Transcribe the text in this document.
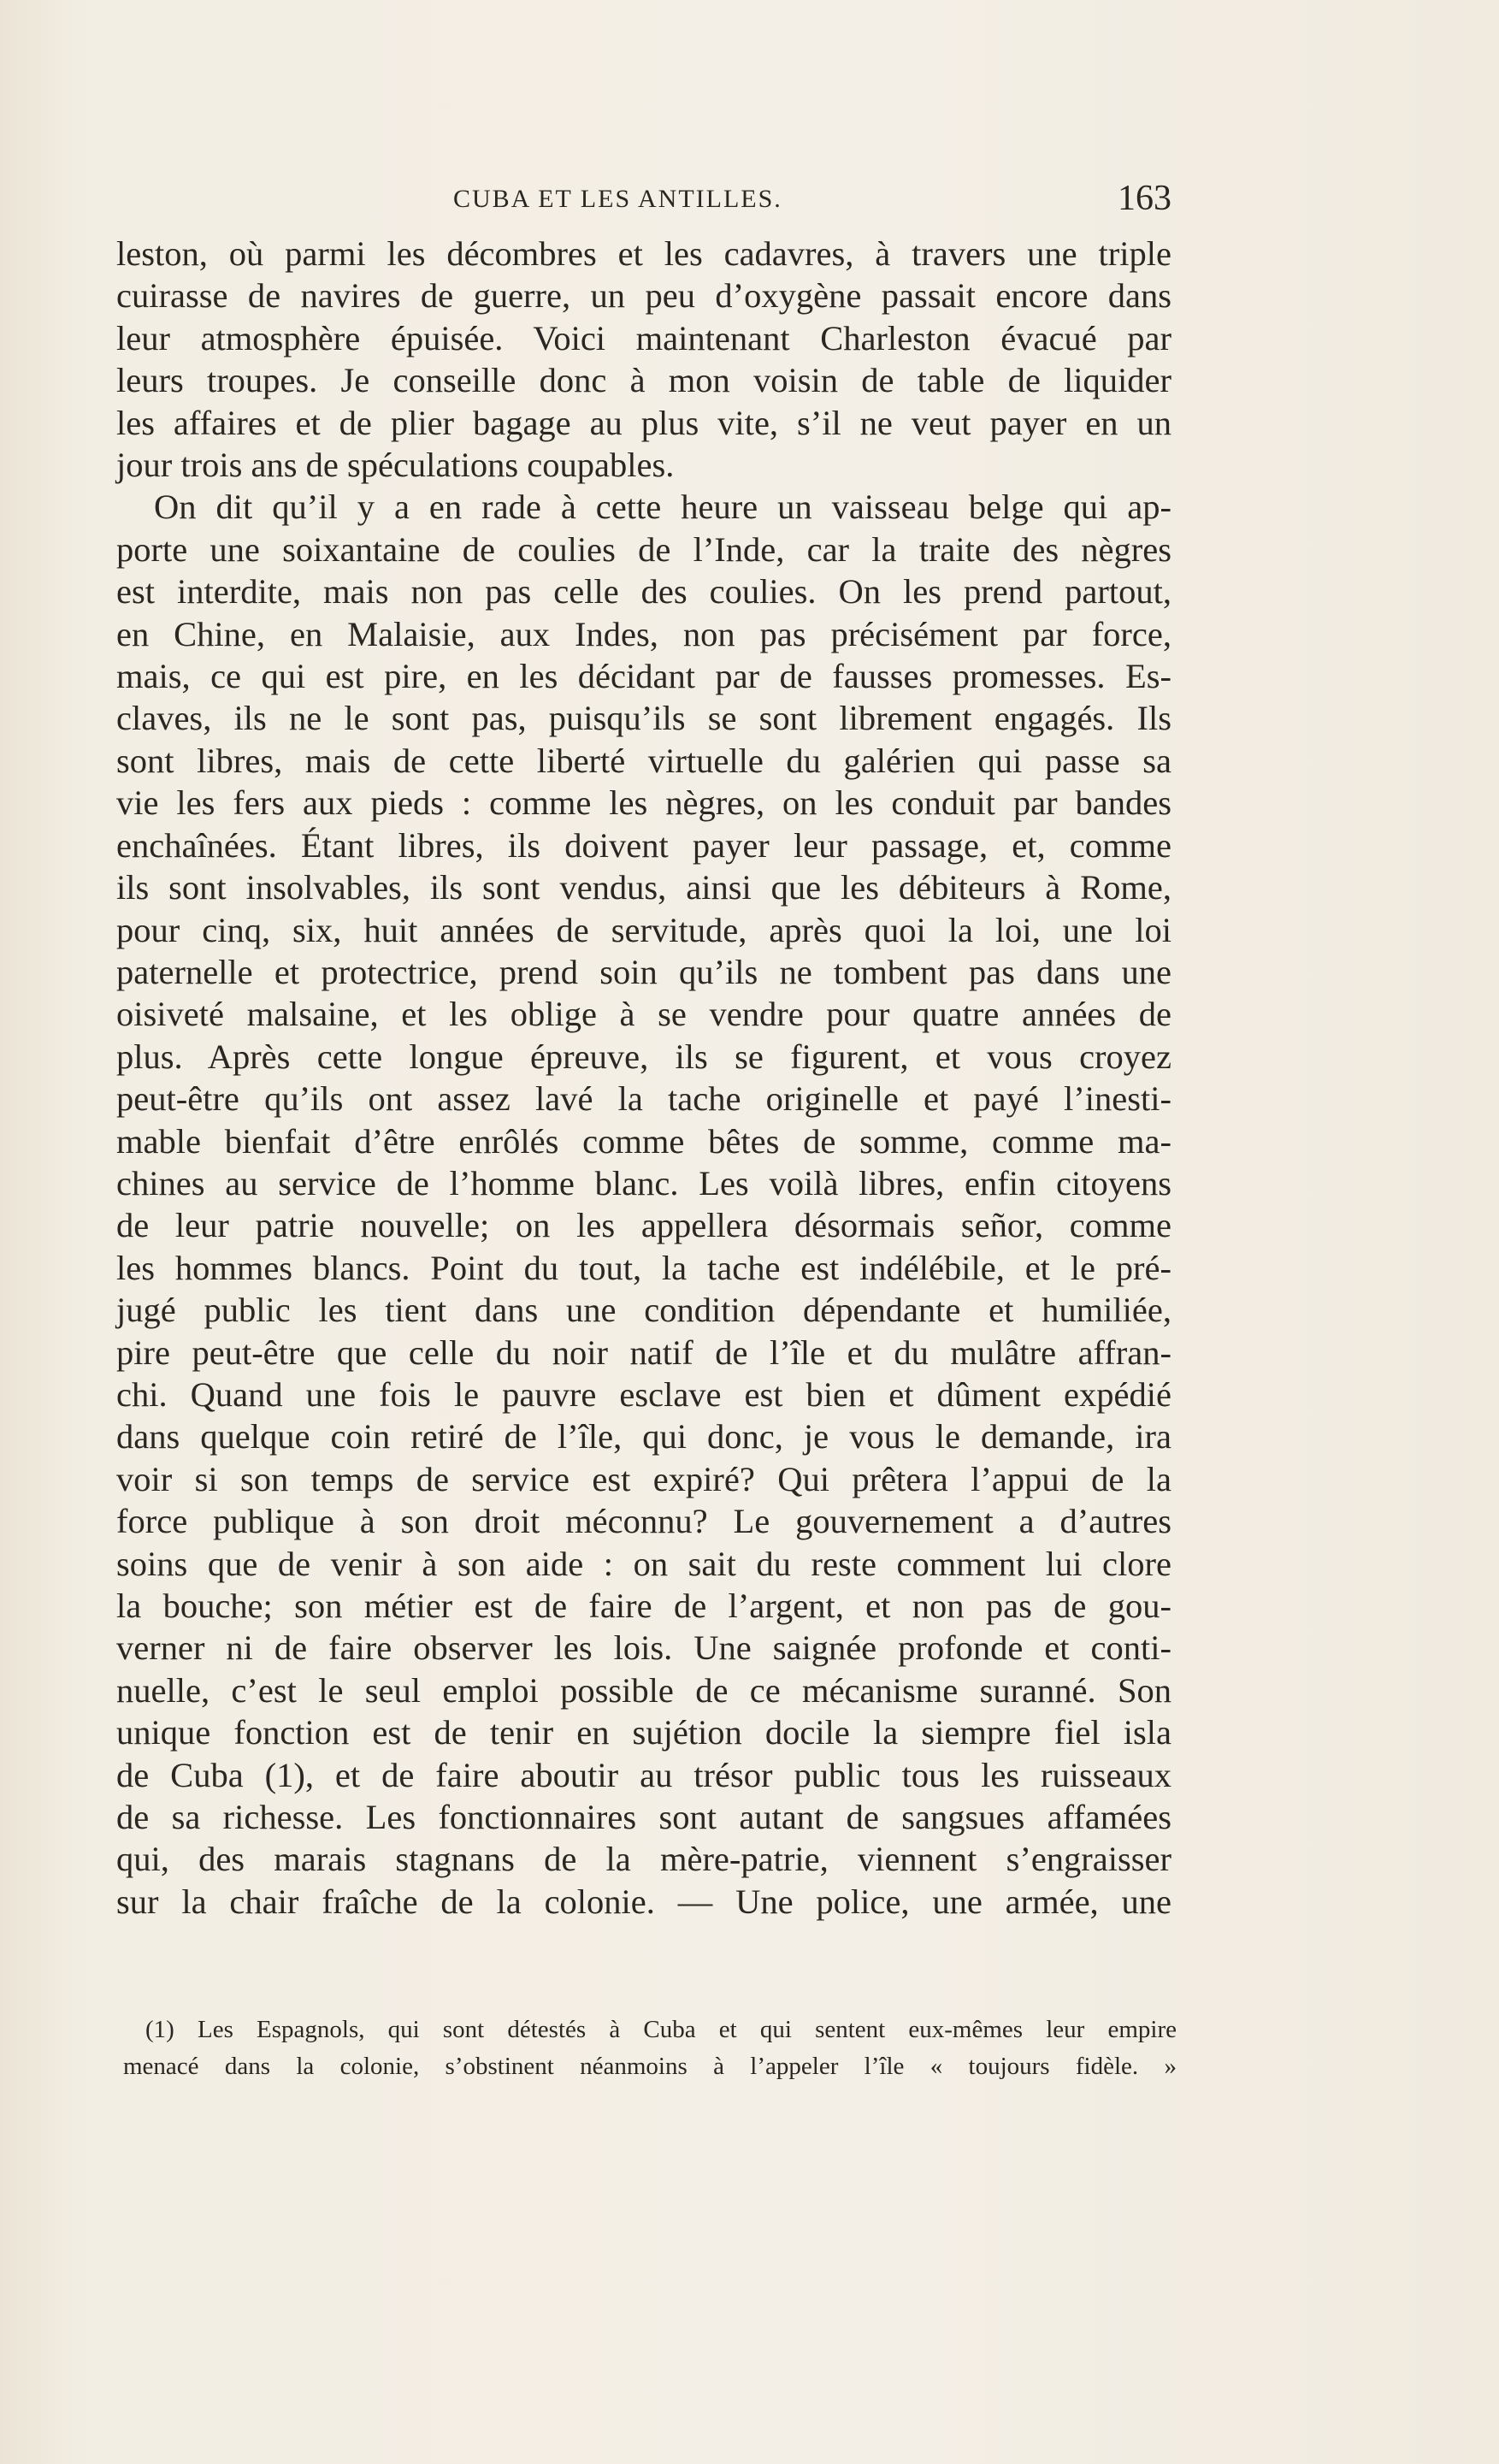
CUBA ET LES ANTILLES.	163
leston, où parmi les décombres et les cadavres, à travers une triple
cuirasse de navires de guerre, un peu d’oxygène passait encore dans
leur atmosphère épuisée. Voici maintenant Charleston évacué par
leurs troupes. Je conseille donc à mon voisin de table de liquider
les affaires et de plier bagage au plus vite, s’il ne veut payer en un
jour trois ans de spéculations coupables.
On dit qu’il y a en rade à cette heure un vaisseau belge qui ap-
porte une soixantaine de coulies de l’Inde, car la traite des nègres
est interdite, mais non pas celle des coulies. On les prend partout,
en Chine, en Malaisie, aux Indes, non pas précisément par force,
mais, ce qui est pire, en les décidant par de fausses promesses. Es-
claves, ils ne le sont pas, puisqu’ils se sont librement engagés. Ils
sont libres, mais de cette liberté virtuelle du galérien qui passe sa
vie les fers aux pieds : comme les nègres, on les conduit par bandes
enchaînées. Étant libres, ils doivent payer leur passage, et, comme
ils sont insolvables, ils sont vendus, ainsi que les débiteurs à Rome,
pour cinq, six, huit années de servitude, après quoi la loi, une loi
paternelle et protectrice, prend soin qu’ils ne tombent pas dans une
oisiveté malsaine, et les oblige à se vendre pour quatre années de
plus. Après cette longue épreuve, ils se figurent, et vous croyez
peut-être qu’ils ont assez lavé la tache originelle et payé l’inesti-
mable bienfait d’être enrôlés comme bêtes de somme, comme ma-
chines au service de l’homme blanc. Les voilà libres, enfin citoyens
de leur patrie nouvelle; on les appellera désormais señor, comme
les hommes blancs. Point du tout, la tache est indélébile, et le pré-
jugé public les tient dans une condition dépendante et humiliée,
pire peut-être que celle du noir natif de l’île et du mulâtre affran-
chi. Quand une fois le pauvre esclave est bien et dûment expédié
dans quelque coin retiré de l’île, qui donc, je vous le demande, ira
voir si son temps de service est expiré? Qui prêtera l’appui de la
force publique à son droit méconnu? Le gouvernement a d’autres
soins que de venir à son aide : on sait du reste comment lui clore
la bouche; son métier est de faire de l’argent, et non pas de gou-
verner ni de faire observer les lois. Une saignée profonde et conti-
nuelle, c’est le seul emploi possible de ce mécanisme suranné. Son
unique fonction est de tenir en sujétion docile la siempre fiel isla
de Cuba (1), et de faire aboutir au trésor public tous les ruisseaux
de sa richesse. Les fonctionnaires sont autant de sangsues affamées
qui, des marais stagnans de la mère-patrie, viennent s’engraisser
sur la chair fraîche de la colonie. — Une police, une armée, une
(1) Les Espagnols, qui sont détestés à Cuba et qui sentent eux-mêmes leur empire
menacé dans la colonie, s’obstinent néanmoins à l’appeler l’île « toujours fidèle. »
